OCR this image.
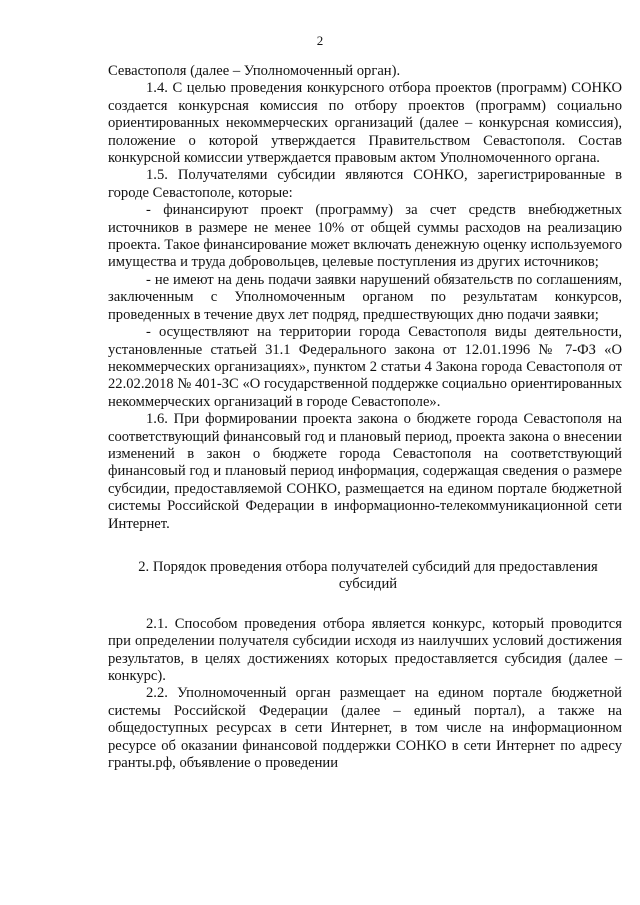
2

Севастополя (далее – Уполномоченный орган).

1.4. С целью проведения конкурсного отбора проектов (программ) СОНКО создается конкурсная комиссия по отбору проектов (программ) социально ориентированных некоммерческих организаций (далее – конкурсная комиссия), положение о которой утверждается Правительством Севастополя. Состав конкурсной комиссии утверждается правовым актом Уполномоченного органа.

1.5. Получателями субсидии являются СОНКО, зарегистрированные в городе Севастополе, которые:

- финансируют проект (программу) за счет средств внебюджетных источников в размере не менее 10% от общей суммы расходов на реализацию проекта. Такое финансирование может включать денежную оценку используемого имущества и труда добровольцев, целевые поступления из других источников;

- не имеют на день подачи заявки нарушений обязательств по соглашениям, заключенным с Уполномоченным органом по результатам конкурсов, проведенных в течение двух лет подряд, предшествующих дню подачи заявки;

- осуществляют на территории города Севастополя виды деятельности, установленные статьей 31.1 Федерального закона от 12.01.1996 № 7-ФЗ «О некоммерческих организациях», пунктом 2 статьи 4 Закона города Севастополя от 22.02.2018 № 401-ЗС «О государственной поддержке социально ориентированных некоммерческих организаций в городе Севастополе».

1.6. При формировании проекта закона о бюджете города Севастополя на соответствующий финансовый год и плановый период, проекта закона о внесении изменений в закон о бюджете города Севастополя на соответствующий финансовый год и плановый период информация, содержащая сведения о размере субсидии, предоставляемой СОНКО, размещается на едином портале бюджетной системы Российской Федерации в информационно-телекоммуникационной сети Интернет.

2. Порядок проведения отбора получателей субсидий для предоставления субсидий

2.1. Способом проведения отбора является конкурс, который проводится при определении получателя субсидии исходя из наилучших условий достижения результатов, в целях достижениях которых предоставляется субсидия (далее – конкурс).

2.2. Уполномоченный орган размещает на едином портале бюджетной системы Российской Федерации (далее – единый портал), а также на общедоступных ресурсах в сети Интернет, в том числе на информационном ресурсе об оказании финансовой поддержки СОНКО в сети Интернет по адресу гранты.рф, объявление о проведении
